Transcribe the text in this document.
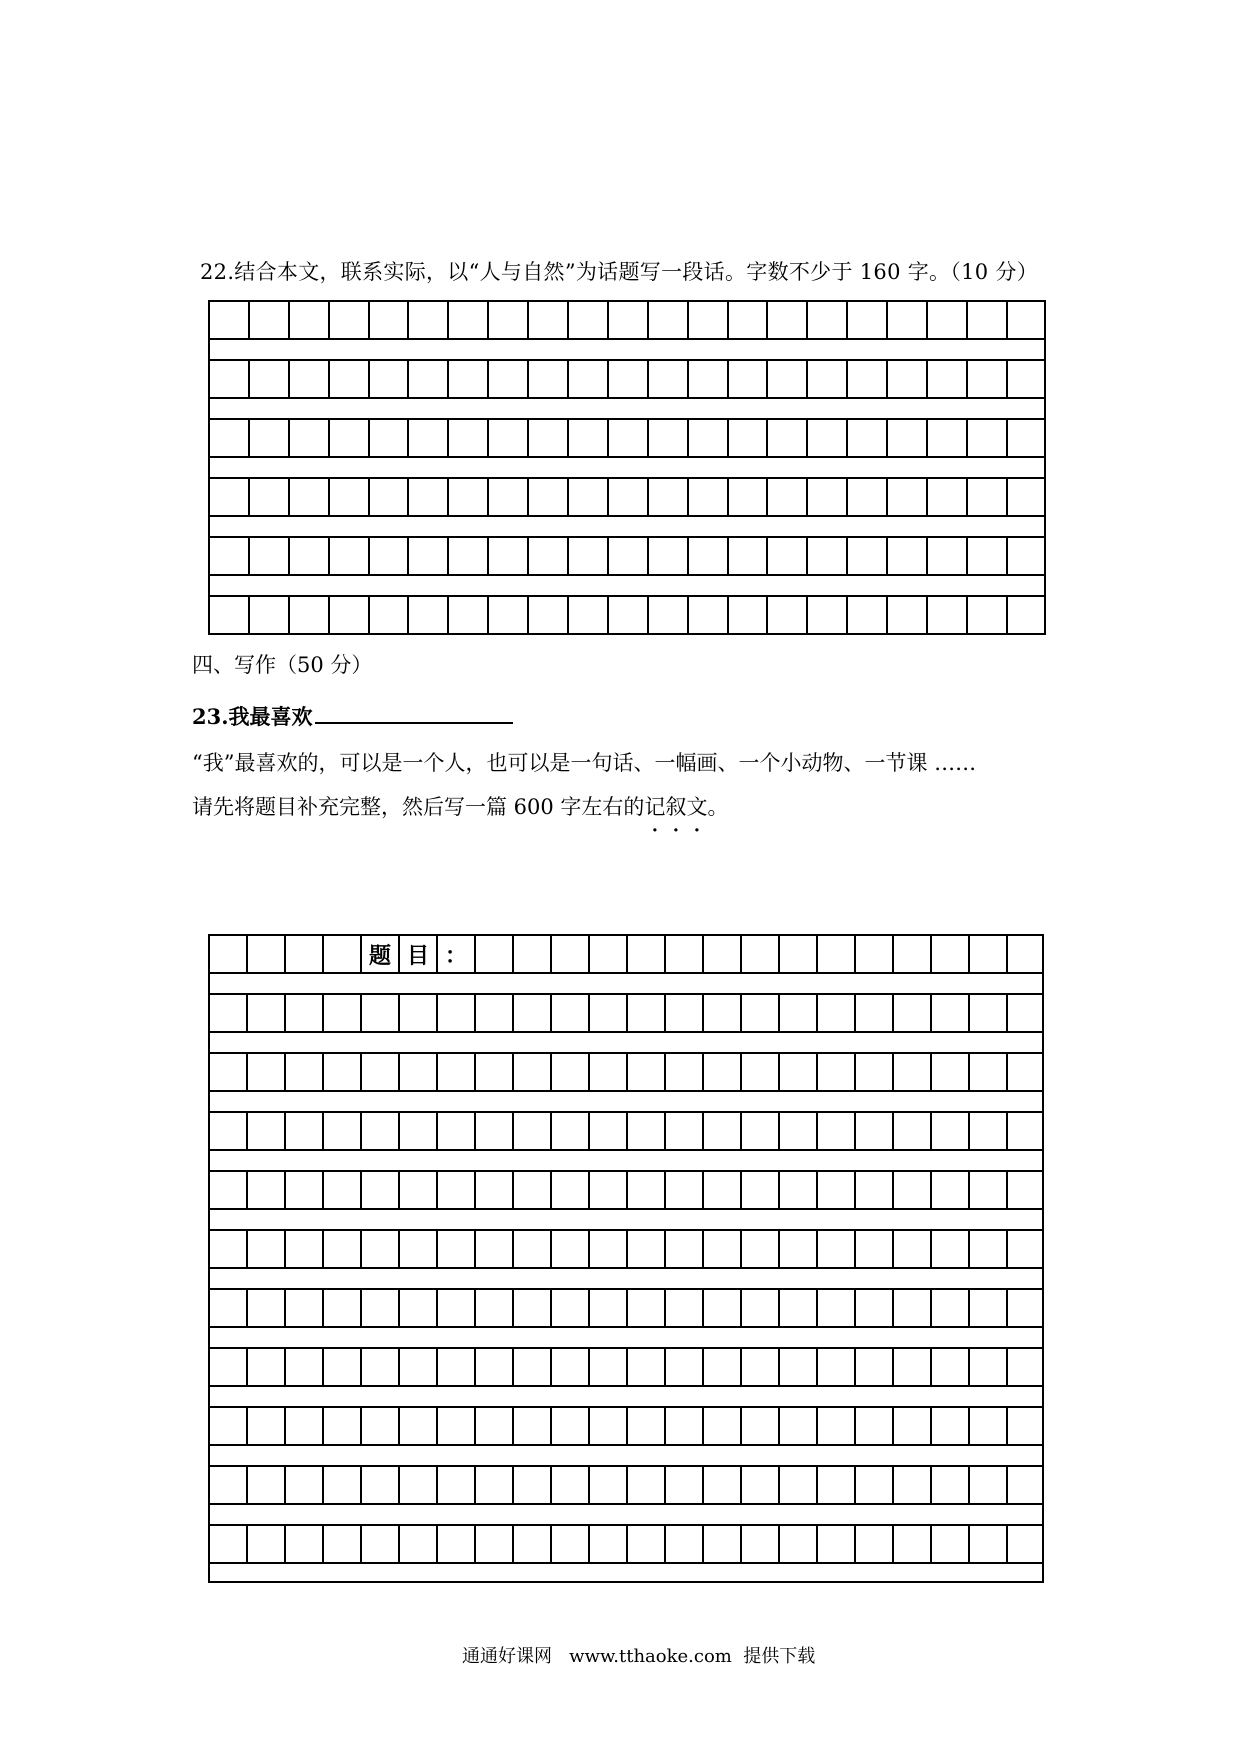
22.结合本文，联系实际，以“人与自然”为话题写一段话。字数不少于 160 字。（10 分）
四、写作（50 分）
23.我最喜欢
“我”最喜欢的，可以是一个人，也可以是一句话、一幅画、一个小动物、一节课 ……
请先将题目补充完整，然后写一篇 600 字左右的记叙文。
题 目 ：
通通好课网   www.tthaoke.com  提供下载
